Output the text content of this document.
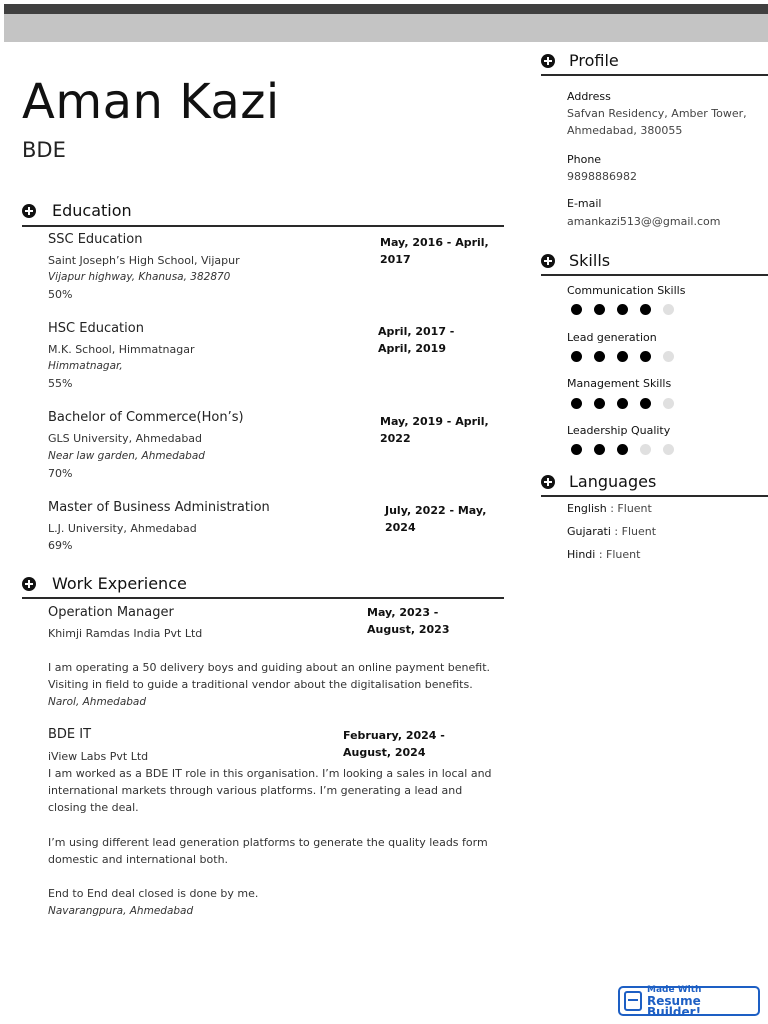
Aman Kazi
BDE
Education
SSC Education	May, 2016 - April, 2017
Saint Joseph’s High School, Vijapur
Vijapur highway, Khanusa, 382870
50%
HSC Education	April, 2017 - April, 2019
M.K. School, Himmatnagar
Himmatnagar,
55%
Bachelor of Commerce(Hon’s)	May, 2019 - April, 2022
GLS University, Ahmedabad
Near law garden, Ahmedabad
70%
Master of Business Administration	July, 2022 - May, 2024
L.J. University, Ahmedabad
69%
Work Experience
Operation Manager	May, 2023 - August, 2023
Khimji Ramdas India Pvt Ltd
I am operating a 50 delivery boys and guiding about an online payment benefit. Visiting in field to guide a traditional vendor about the digitalisation benefits.
Narol, Ahmedabad
BDE IT	February, 2024 - August, 2024
iView Labs Pvt Ltd
I am worked as a BDE IT role in this organisation. I’m looking a sales in local and international markets through various platforms. I’m generating a lead and closing the deal.
I’m using different lead generation platforms to generate the quality leads form domestic and international both.
End to End deal closed is done by me.
Navarangpura, Ahmedabad
Profile
Address
Safvan Residency, Amber Tower, Ahmedabad, 380055
Phone
9898886982
E-mail
amankazi513@@gmail.com
Skills
Communication Skills
Lead generation
Management Skills
Leadership Quality
Languages
English : Fluent
Gujarati : Fluent
Hindi : Fluent
Made With
Resume Builder!
